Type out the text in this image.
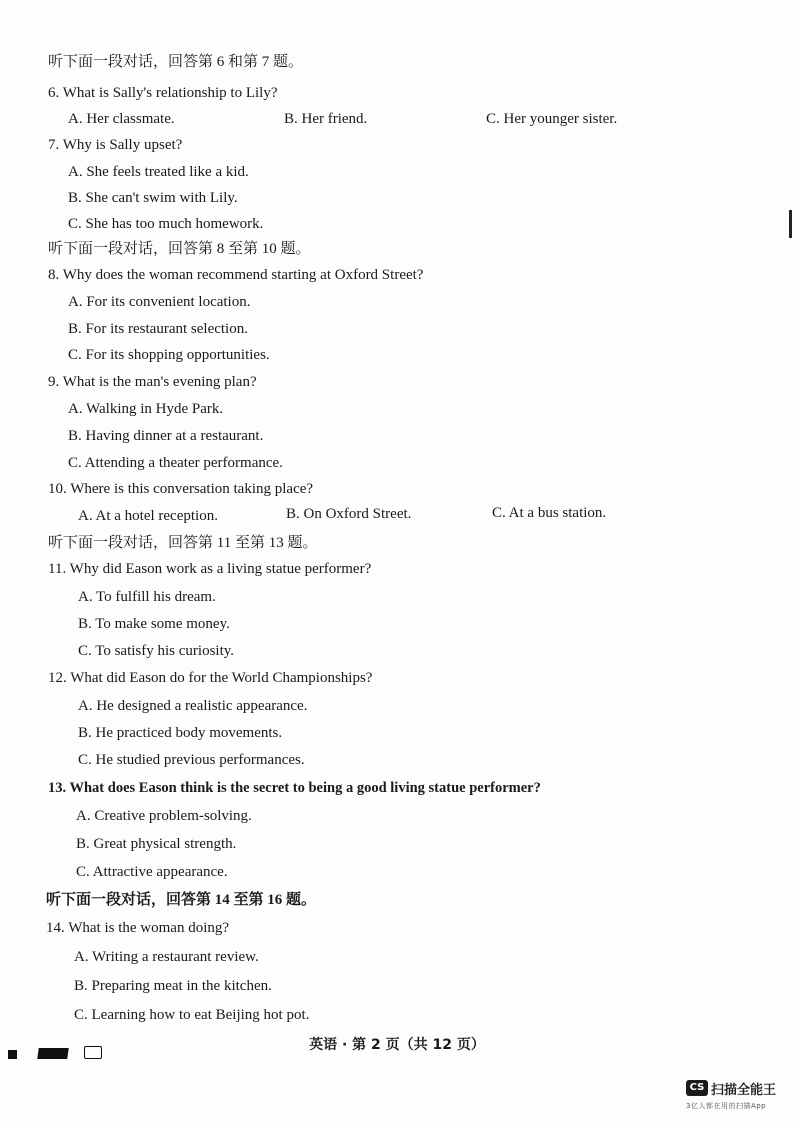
听下面一段对话，回答第 6 和第 7 题。
6. What is Sally's relationship to Lily?
A. Her classmate.	B. Her friend.	C. Her younger sister.
7. Why is Sally upset?
A. She feels treated like a kid.
B. She can't swim with Lily.
C. She has too much homework.
听下面一段对话，回答第 8 至第 10 题。
8. Why does the woman recommend starting at Oxford Street?
A. For its convenient location.
B. For its restaurant selection.
C. For its shopping opportunities.
9. What is the man's evening plan?
A. Walking in Hyde Park.
B. Having dinner at a restaurant.
C. Attending a theater performance.
10. Where is this conversation taking place?
A. At a hotel reception.	B. On Oxford Street.	C. At a bus station.
听下面一段对话，回答第 11 至第 13 题。
11. Why did Eason work as a living statue performer?
A. To fulfill his dream.
B. To make some money.
C. To satisfy his curiosity.
12. What did Eason do for the World Championships?
A. He designed a realistic appearance.
B. He practiced body movements.
C. He studied previous performances.
13. What does Eason think is the secret to being a good living statue performer?
A. Creative problem-solving.
B. Great physical strength.
C. Attractive appearance.
听下面一段对话，回答第 14 至第 16 题。
14. What is the woman doing?
A. Writing a restaurant review.
B. Preparing meat in the kitchen.
C. Learning how to eat Beijing hot pot.
英语 · 第 2 页（共 12 页）
CS 扫描全能王
3亿人都在用的扫描App
